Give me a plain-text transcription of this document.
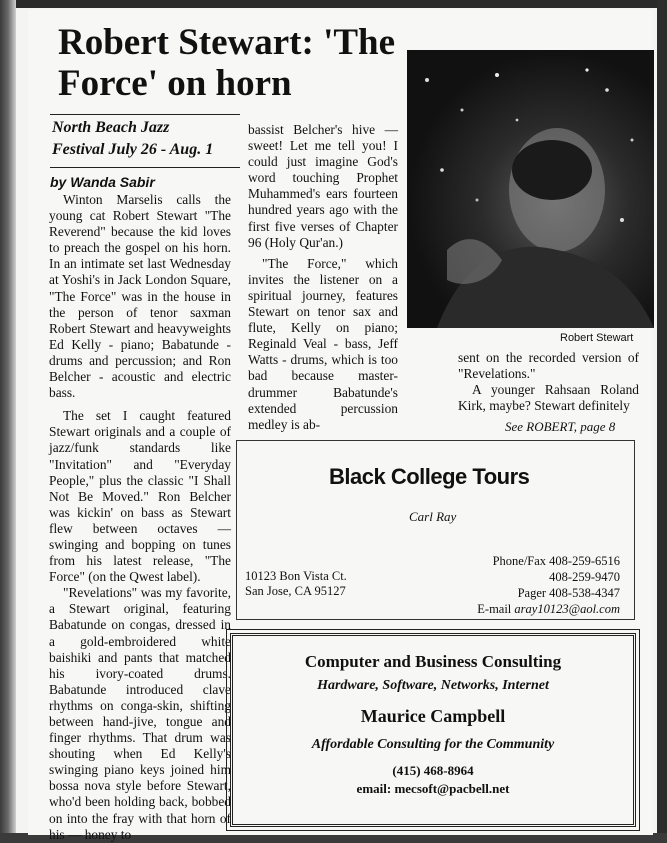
Robert Stewart: 'The Force' on horn
North Beach Jazz
Festival July 26 - Aug. 1
by Wanda Sabir

Winton Marselis calls the young cat Robert Stewart "The Reverend" because the kid loves to preach the gospel on his horn. In an intimate set last Wednesday at Yoshi's in Jack London Square, "The Force" was in the house in the person of tenor saxman Robert Stewart and heavyweights Ed Kelly - piano; Babatunde - drums and percussion; and Ron Belcher - acoustic and electric bass.

The set I caught featured Stewart originals and a couple of jazz/funk standards like "Invitation" and "Everyday People," plus the classic "I Shall Not Be Moved." Ron Belcher was kickin' on bass as Stewart flew between octaves — swinging and bopping on tunes from his latest release, "The Force" (on the Qwest label).

"Revelations" was my favorite, a Stewart original, featuring Babatunde on congas, dressed in a gold-embroidered white baishiki and pants that matched his ivory-coated drums. Babatunde introduced clave rhythms on conga-skin, shifting between hand-jive, tongue and finger rhythms. That drum was shouting when Ed Kelly's swinging piano keys joined him bossa nova style before Stewart, who'd been holding back, bobbed on into the fray with that horn of his — honey to

bassist Belcher's hive — sweet! Let me tell you! I could just imagine God's word touching Prophet Muhammed's ears fourteen hundred years ago with the first five verses of Chapter 96 (Holy Qur'an.)

"The Force," which invites the listener on a spiritual journey, features Stewart on tenor sax and flute, Kelly on piano; Reginald Veal - bass, Jeff Watts - drums, which is too bad because master-drummer Babatunde's extended percussion medley is ab-

Robert Stewart

sent on the recorded version of "Revelations."

A younger Rahsaan Roland Kirk, maybe? Stewart definitely

See ROBERT, page 8
Black College Tours
Carl Ray
10123 Bon Vista Ct.
San Jose, CA 95127
Phone/Fax 408-259-6516
408-259-9470
Pager 408-538-4347
E-mail aray10123@aol.com
Computer and Business Consulting
Hardware, Software, Networks, Internet
Maurice Campbell
Affordable Consulting for the Community
(415) 468-8964
email: mecsoft@pacbell.net
